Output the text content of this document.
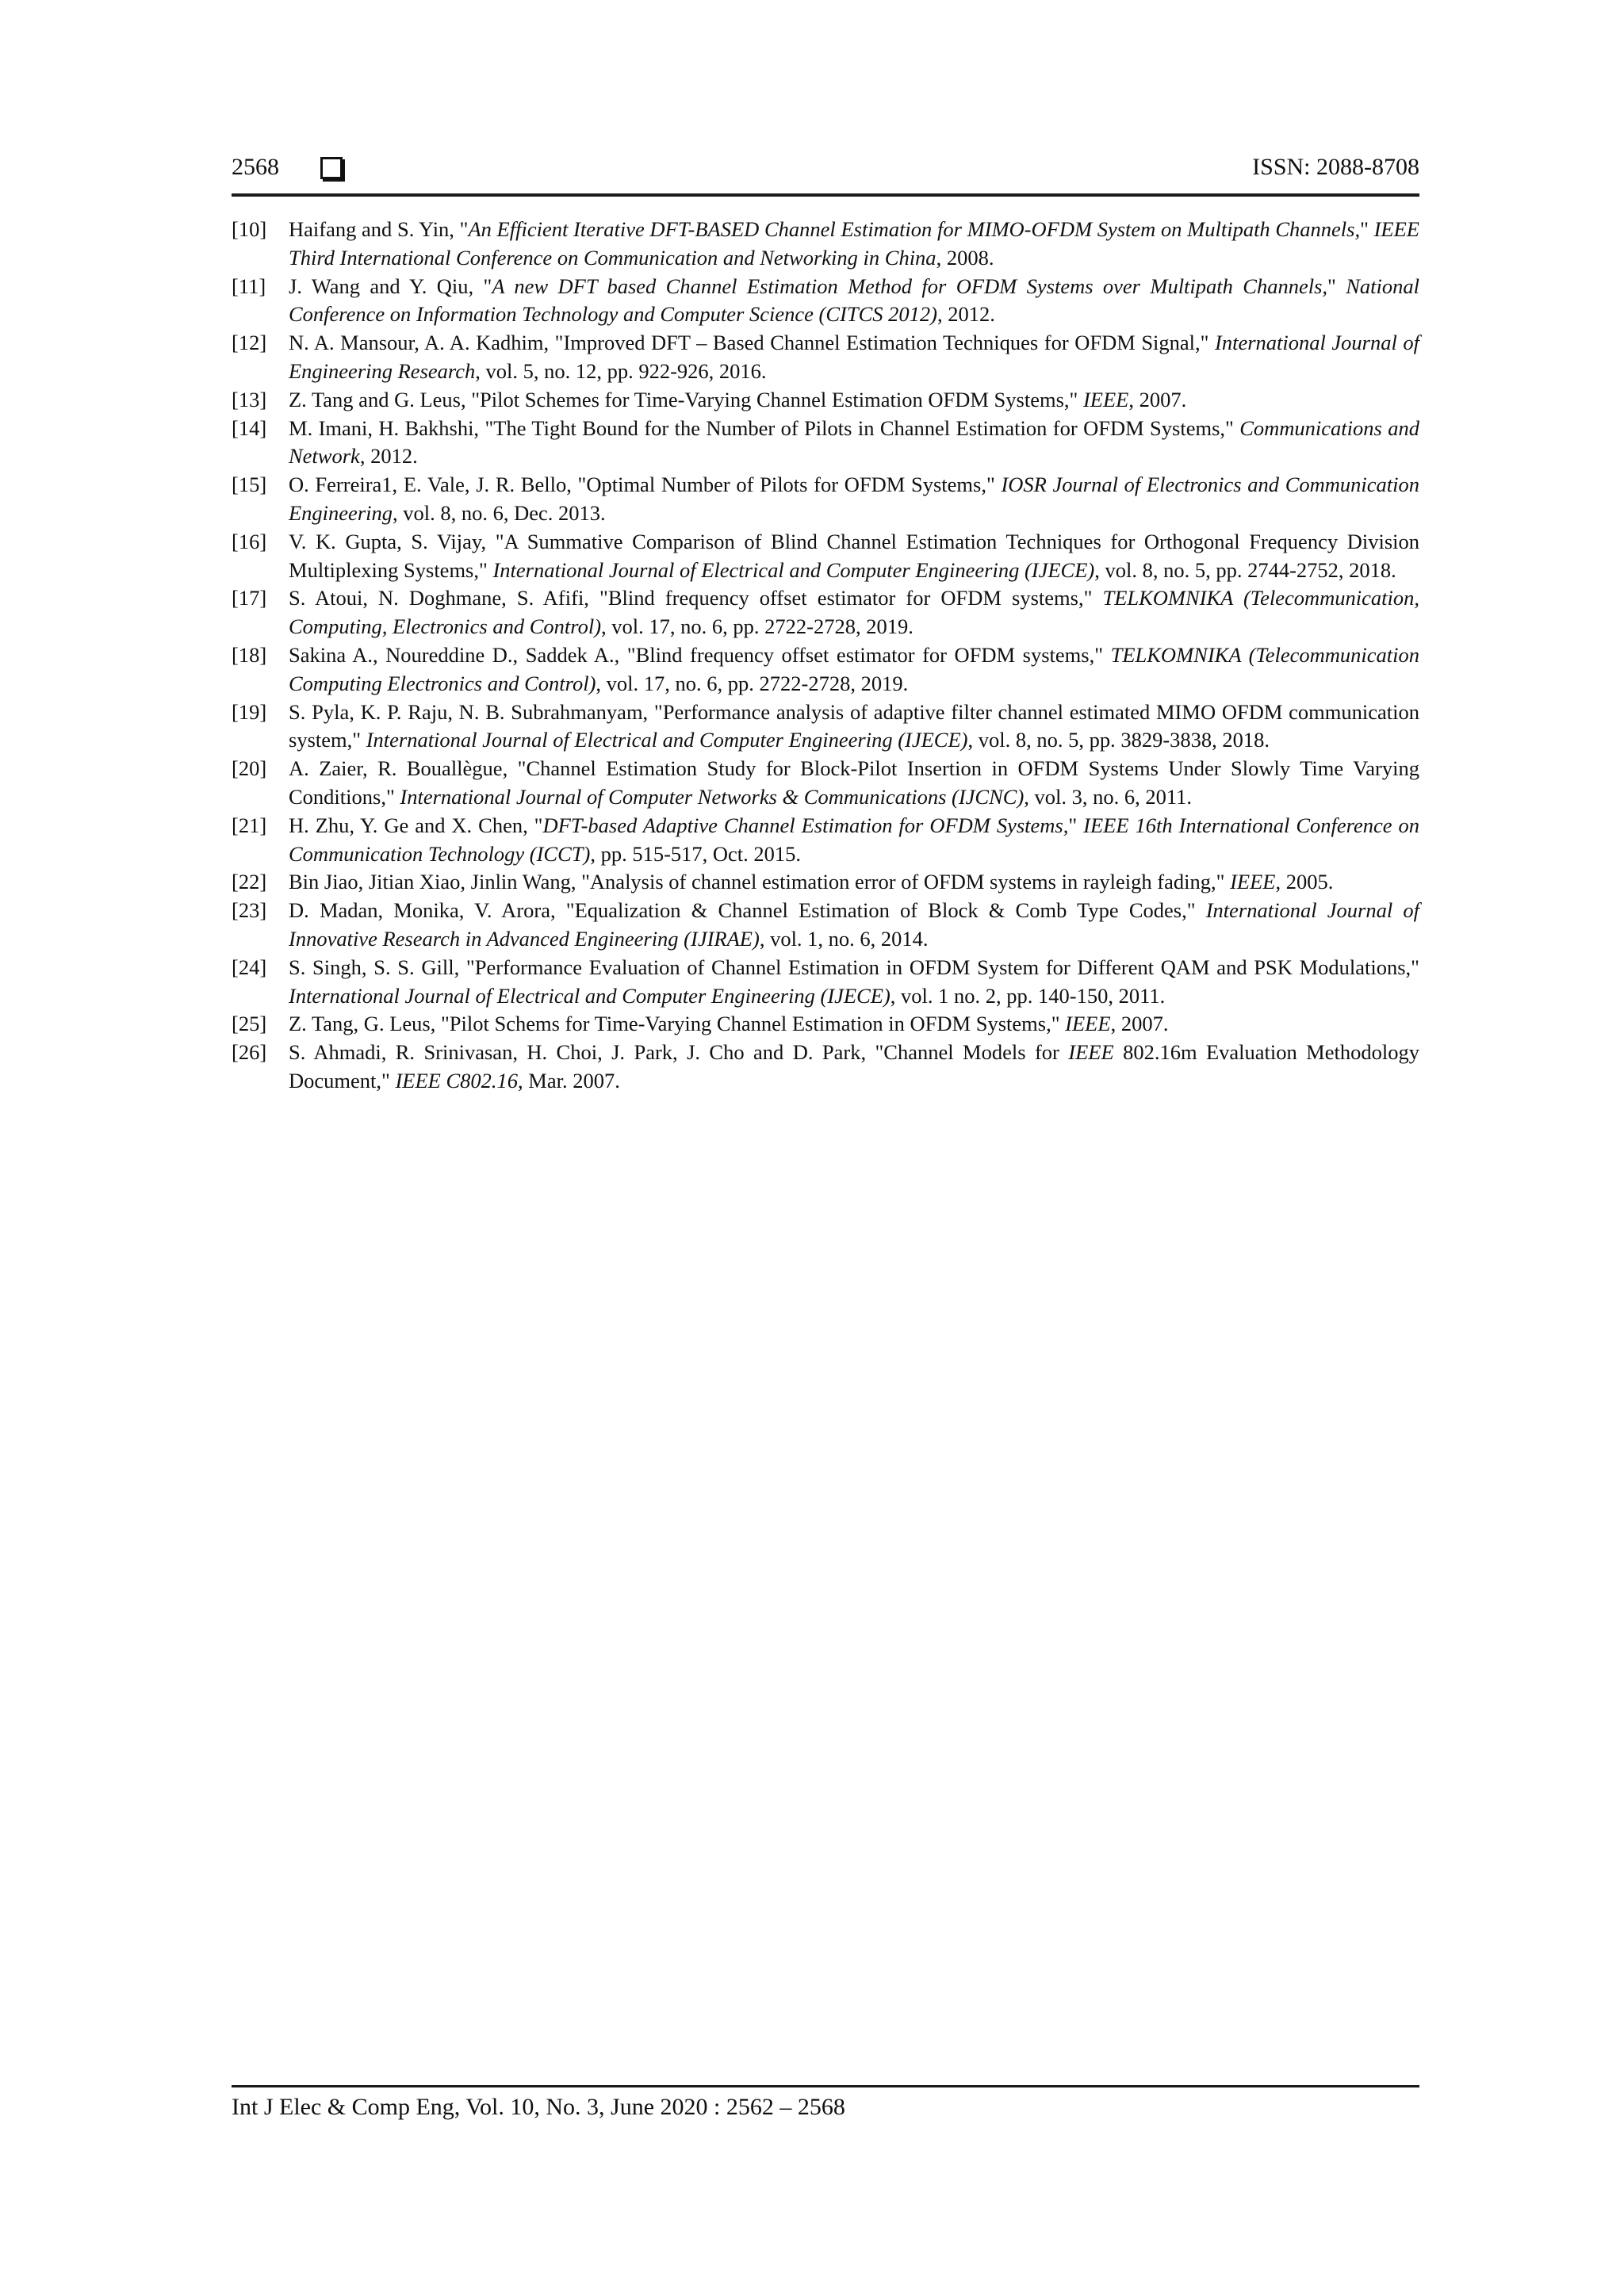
2568	ISSN: 2088-8708
[10]	Haifang and S. Yin, "An Efficient Iterative DFT-BASED Channel Estimation for MIMO-OFDM System on Multipath Channels," IEEE Third International Conference on Communication and Networking in China, 2008.
[11]	J. Wang and Y. Qiu, "A new DFT based Channel Estimation Method for OFDM Systems over Multipath Channels," National Conference on Information Technology and Computer Science (CITCS 2012), 2012.
[12]	N. A. Mansour, A. A. Kadhim, "Improved DFT – Based Channel Estimation Techniques for OFDM Signal," International Journal of Engineering Research, vol. 5, no. 12, pp. 922-926, 2016.
[13]	Z. Tang and G. Leus, "Pilot Schemes for Time-Varying Channel Estimation OFDM Systems," IEEE, 2007.
[14]	M. Imani, H. Bakhshi, "The Tight Bound for the Number of Pilots in Channel Estimation for OFDM Systems," Communications and Network, 2012.
[15]	O. Ferreira1, E. Vale, J. R. Bello, "Optimal Number of Pilots for OFDM Systems," IOSR Journal of Electronics and Communication Engineering, vol. 8, no. 6, Dec. 2013.
[16]	V. K. Gupta, S. Vijay, "A Summative Comparison of Blind Channel Estimation Techniques for Orthogonal Frequency Division Multiplexing Systems," International Journal of Electrical and Computer Engineering (IJECE), vol. 8, no. 5, pp. 2744-2752, 2018.
[17]	S. Atoui, N. Doghmane, S. Afifi, "Blind frequency offset estimator for OFDM systems," TELKOMNIKA (Telecommunication, Computing, Electronics and Control), vol. 17, no. 6, pp. 2722-2728, 2019.
[18]	Sakina A., Noureddine D., Saddek A., "Blind frequency offset estimator for OFDM systems," TELKOMNIKA (Telecommunication Computing Electronics and Control), vol. 17, no. 6, pp. 2722-2728, 2019.
[19]	S. Pyla, K. P. Raju, N. B. Subrahmanyam, "Performance analysis of adaptive filter channel estimated MIMO OFDM communication system," International Journal of Electrical and Computer Engineering (IJECE), vol. 8, no. 5, pp. 3829-3838, 2018.
[20]	A. Zaier, R. Bouallègue, "Channel Estimation Study for Block-Pilot Insertion in OFDM Systems Under Slowly Time Varying Conditions," International Journal of Computer Networks & Communications (IJCNC), vol. 3, no. 6, 2011.
[21]	H. Zhu, Y. Ge and X. Chen, "DFT-based Adaptive Channel Estimation for OFDM Systems," IEEE 16th International Conference on Communication Technology (ICCT), pp. 515-517, Oct. 2015.
[22]	Bin Jiao, Jitian Xiao, Jinlin Wang, "Analysis of channel estimation error of OFDM systems in rayleigh fading," IEEE, 2005.
[23]	D. Madan, Monika, V. Arora, "Equalization & Channel Estimation of Block & Comb Type Codes," International Journal of Innovative Research in Advanced Engineering (IJIRAE), vol. 1, no. 6, 2014.
[24]	S. Singh, S. S. Gill, "Performance Evaluation of Channel Estimation in OFDM System for Different QAM and PSK Modulations," International Journal of Electrical and Computer Engineering (IJECE), vol. 1 no. 2, pp. 140-150, 2011.
[25]	Z. Tang, G. Leus, "Pilot Schems for Time-Varying Channel Estimation in OFDM Systems," IEEE, 2007.
[26]	S. Ahmadi, R. Srinivasan, H. Choi, J. Park, J. Cho and D. Park, "Channel Models for IEEE 802.16m Evaluation Methodology Document," IEEE C802.16, Mar. 2007.
Int J Elec & Comp Eng, Vol. 10, No. 3, June 2020 : 2562 – 2568
